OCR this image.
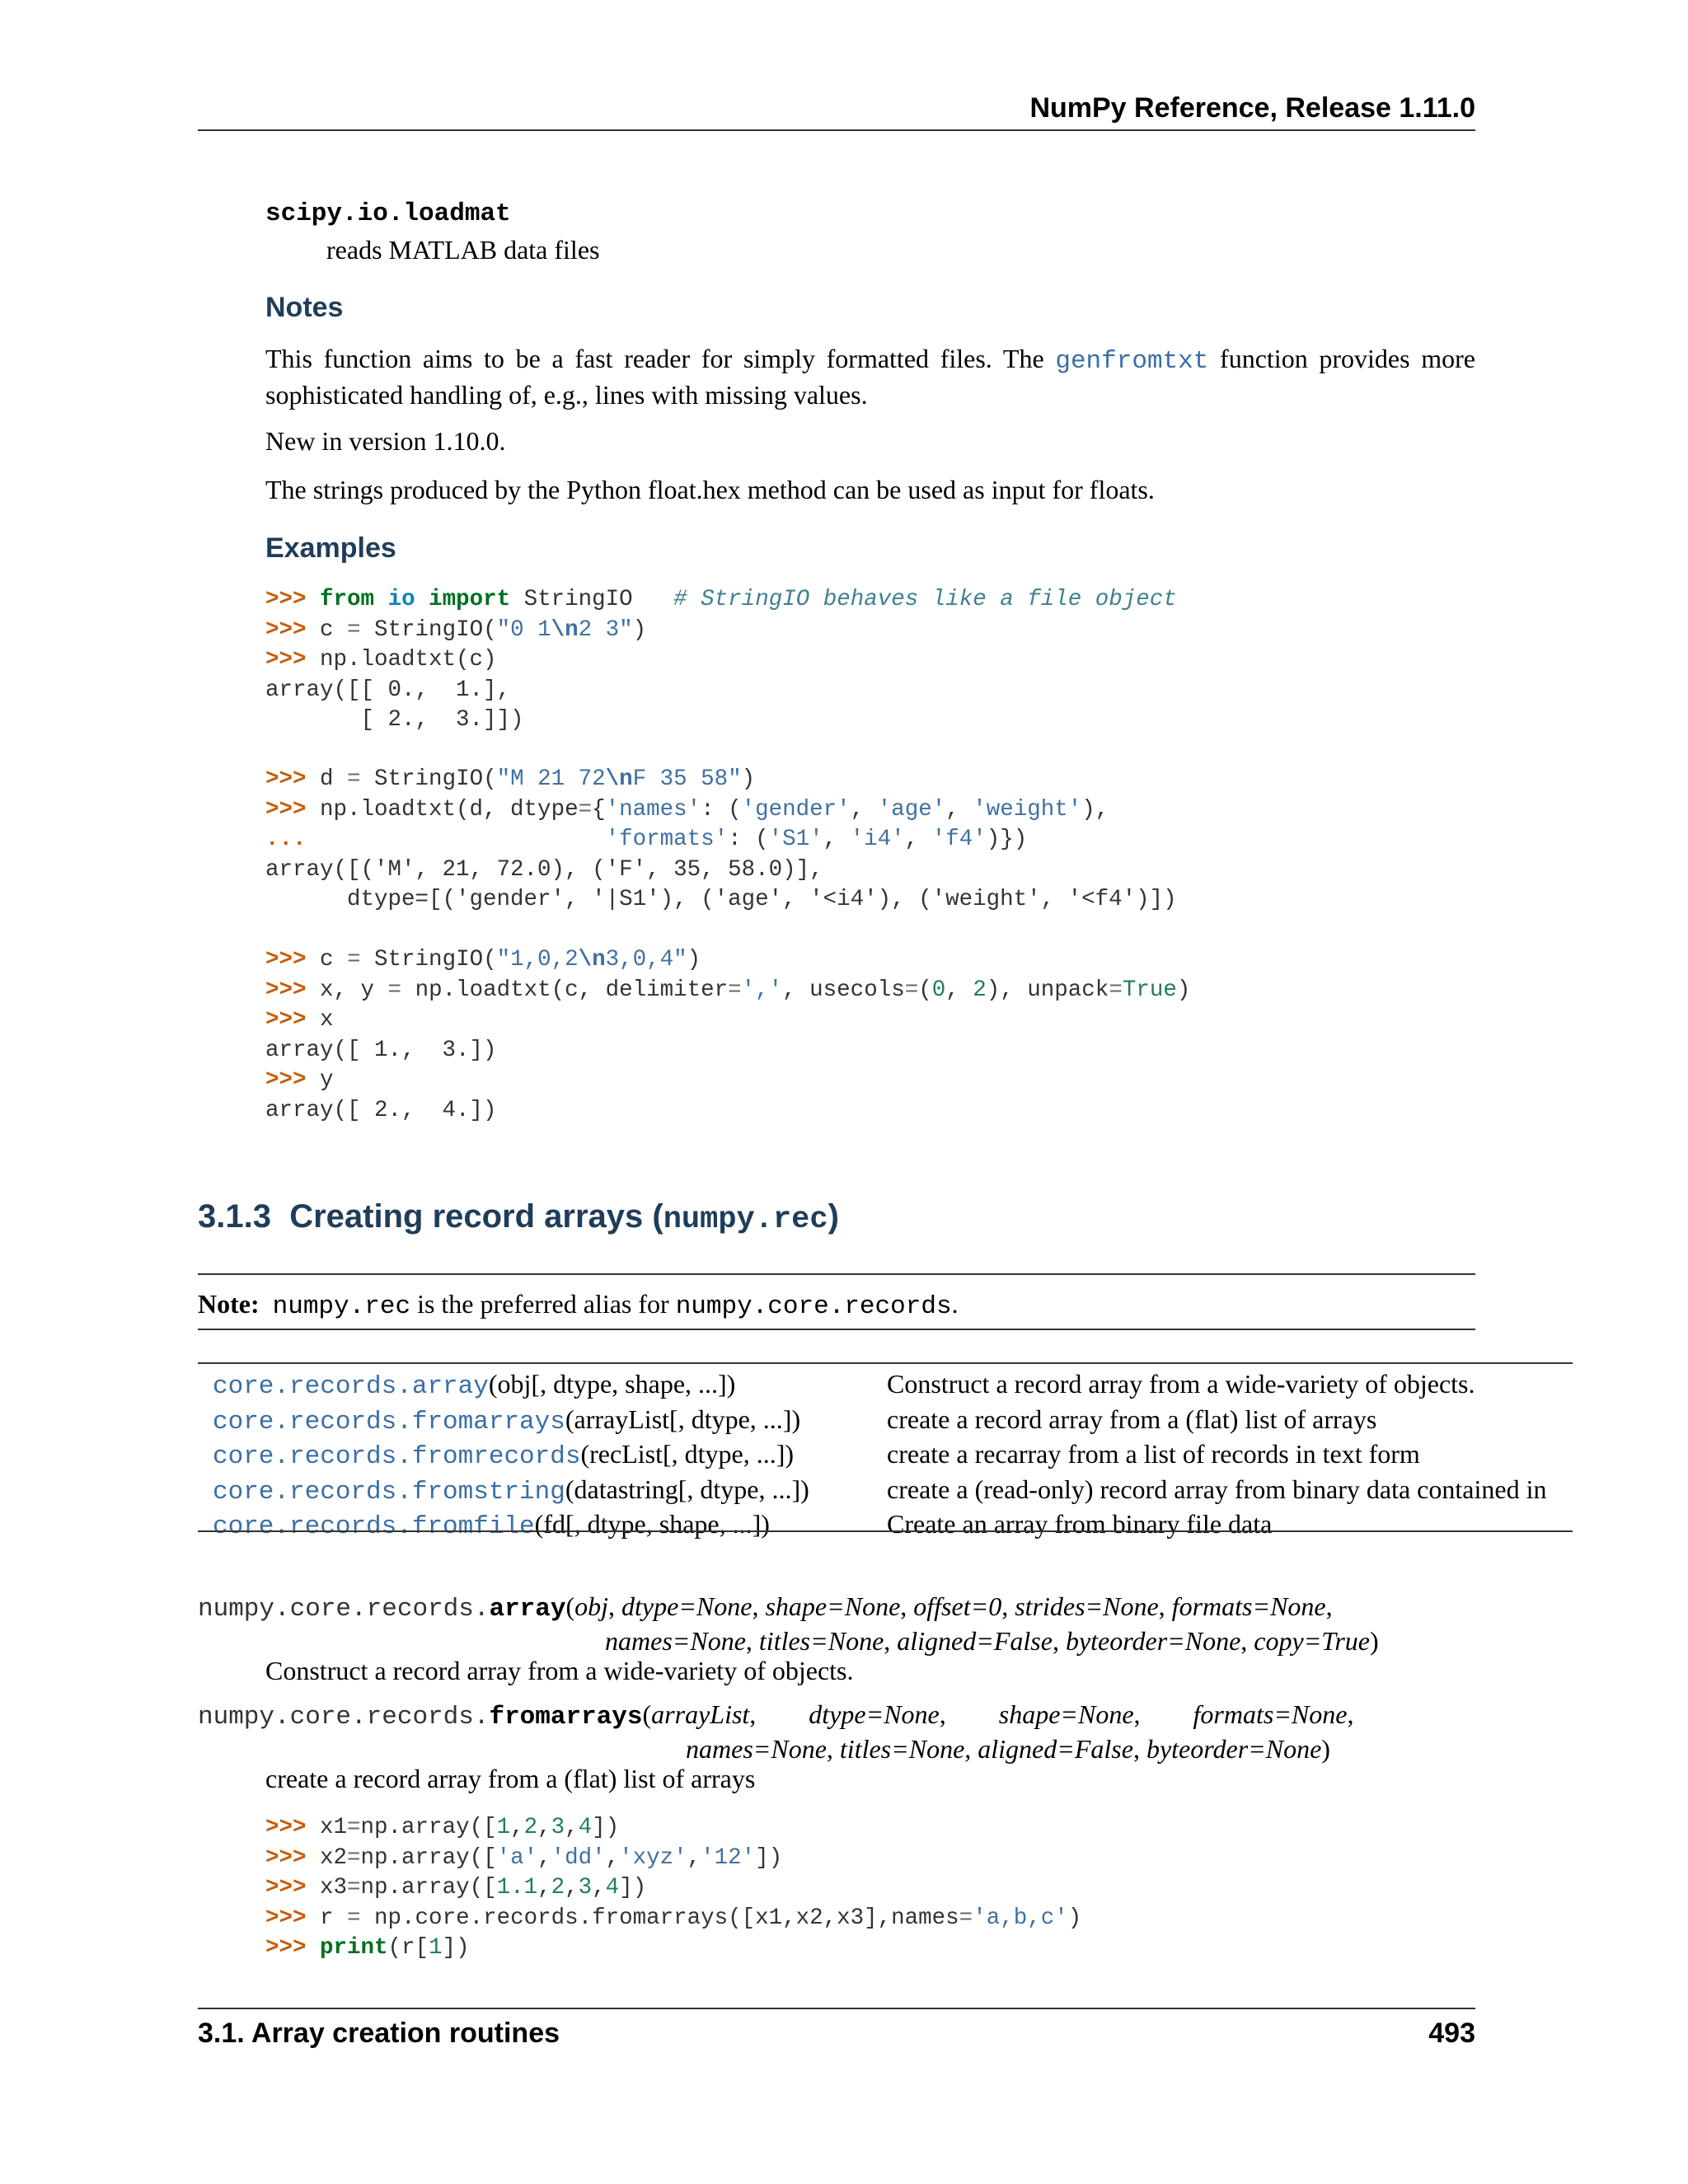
NumPy Reference, Release 1.11.0
scipy.io.loadmat
reads MATLAB data files
Notes
This function aims to be a fast reader for simply formatted files. The genfromtxt function provides more sophisticated handling of, e.g., lines with missing values.
New in version 1.10.0.
The strings produced by the Python float.hex method can be used as input for floats.
Examples
>>> from io import StringIO   # StringIO behaves like a file object
>>> c = StringIO("0 1\n2 3")
>>> np.loadtxt(c)
array([[ 0.,  1.],
[ 2.,  3.]])
>>> d = StringIO("M 21 72\nF 35 58")
>>> np.loadtxt(d, dtype={'names': ('gender', 'age', 'weight'),
...	'formats': ('S1', 'i4', 'f4')})
array([('M', 21, 72.0), ('F', 35, 58.0)],
dtype=[('gender', '|S1'), ('age', '<i4'), ('weight', '<f4')])
>>> c = StringIO("1,0,2\n3,0,4")
>>> x, y = np.loadtxt(c, delimiter=',', usecols=(0, 2), unpack=True)
>>> x
array([ 1.,  3.])
>>> y
array([ 2.,  4.])
3.1.3 Creating record arrays (numpy.rec)
Note: numpy.rec is the preferred alias for numpy.core.records.
core.records.array(obj[, dtype, shape, ...])	Construct a record array from a wide-variety of objects.
core.records.fromarrays(arrayList[, dtype, ...])	create a record array from a (flat) list of arrays
core.records.fromrecords(recList[, dtype, ...])	create a recarray from a list of records in text form
core.records.fromstring(datastring[, dtype, ...])	create a (read-only) record array from binary data contained in
core.records.fromfile(fd[, dtype, shape, ...])	Create an array from binary file data
numpy.core.records.array(obj, dtype=None, shape=None, offset=0, strides=None, formats=None,
names=None, titles=None, aligned=False, byteorder=None, copy=True)
Construct a record array from a wide-variety of objects.
numpy.core.records.fromarrays(arrayList,        dtype=None,        shape=None,        formats=None,
names=None, titles=None, aligned=False, byteorder=None)
create a record array from a (flat) list of arrays
>>> x1=np.array([1,2,3,4])
>>> x2=np.array(['a','dd','xyz','12'])
>>> x3=np.array([1.1,2,3,4])
>>> r = np.core.records.fromarrays([x1,x2,x3],names='a,b,c')
>>> print(r[1])
3.1. Array creation routines	493
